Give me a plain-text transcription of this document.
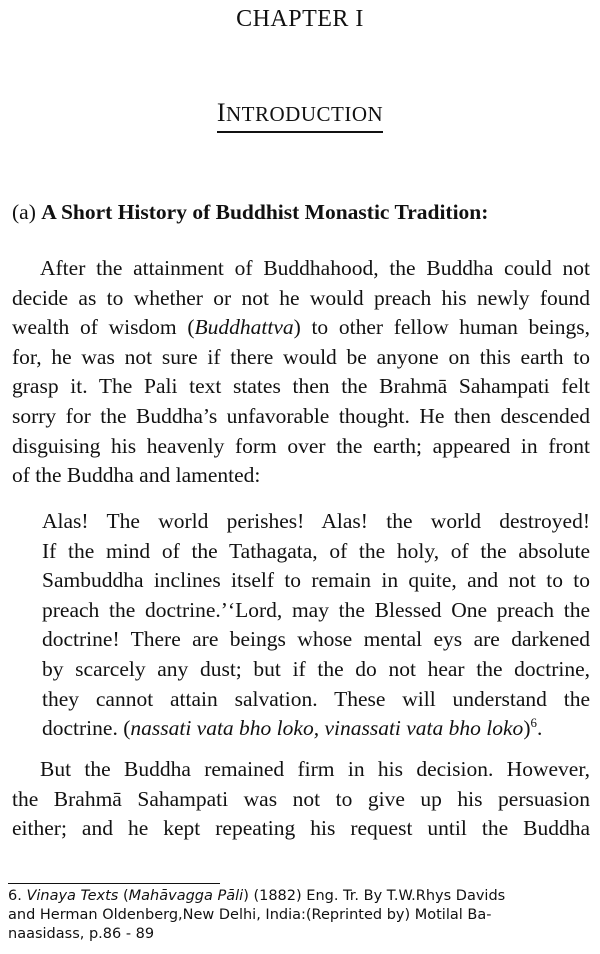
CHAPTER I
INTRODUCTION
(a) A Short History of Buddhist Monastic Tradition:
After the attainment of Buddhahood, the Buddha could not
decide as to whether or not he would preach his newly found
wealth of wisdom (Buddhattva) to other fellow human beings,
for, he was not sure if there would be anyone on this earth to
grasp it. The Pali text states then the Brahmā Sahampati felt
sorry for the Buddha’s unfavorable thought. He then descended
disguising his heavenly form over the earth; appeared in front
of the Buddha and lamented:
Alas! The world perishes! Alas! the world destroyed!
If the mind of the Tathagata, of the holy, of the absolute
Sambuddha inclines itself to remain in quite, and not to to
preach the doctrine.’‘Lord, may the Blessed One preach the
doctrine! There are beings whose mental eys are darkened
by scarcely any dust; but if the do not hear the doctrine,
they cannot attain salvation. These will understand the
doctrine. (nassati vata bho loko, vinassati vata bho loko)$^6$.
But the Buddha remained firm in his decision. However,
the Brahmā Sahampati was not to give up his persuasion
either; and he kept repeating his request until the Buddha
6. Vinaya Texts (Mahāvagga Pāli) (1882) Eng. Tr. By T.W.Rhys Davids
and Herman Oldenberg,New Delhi, India:(Reprinted by) Motilal Ba-
naasidass, p.86 - 89
